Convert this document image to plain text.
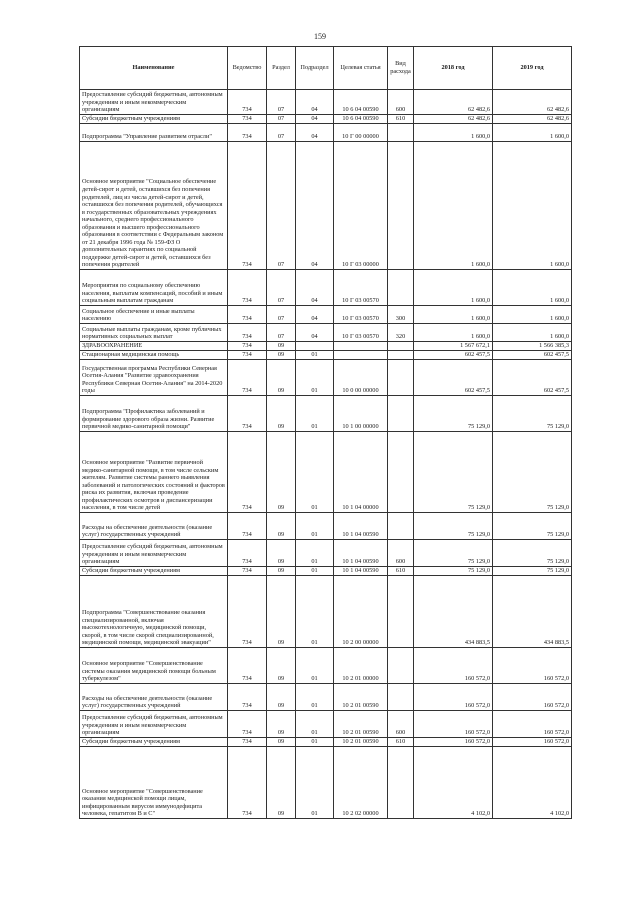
159
Наименование	Ведомство	Раздел	Подраздел	Целевая статья	Вид расхода	2018 год	2019 год

Предоставление субсидий бюджетным, автономным учреждениям и иным некоммерческим организациям	734	07	04	10 6 04 00590	600	62 482,6	62 482,6

Субсидии бюджетным учреждениям	734	07	04	10 6 04 00590	610	62 482,6	62 482,6

Подпрограмма "Управление развитием отрасли"	734	07	04	10 Г 00 00000		1 600,0	1 600,0

Основное мероприятие "Социальное обеспечение детей-сирот и детей, оставшихся без попечения родителей, лиц из числа детей-сирот и детей, оставшихся без попечения родителей, обучающихся в государственных образовательных учреждениях начального, среднего профессионального образования и высшего профессионального образования в соответствии с Федеральным законом от 21 декабря 1996 года № 159-ФЗ О дополнительных гарантиях по социальной поддержке детей-сирот и детей, оставшихся без попечения родителей	734	07	04	10 Г 03 00000		1 600,0	1 600,0

Мероприятия по социальному обеспечению населения, выплатам компенсаций, пособий и иным социальным выплатам гражданам	734	07	04	10 Г 03 00570		1 600,0	1 600,0

Социальное обеспечение и иные выплаты населению	734	07	04	10 Г 03 00570	300	1 600,0	1 600,0

Социальные выплаты гражданам, кроме публичных нормативных социальных выплат	734	07	04	10 Г 03 00570	320	1 600,0	1 600,0

ЗДРАВООХРАНЕНИЕ	734	09				1 567 672,1	1 566 385,3

Стационарная медицинская помощь	734	09	01			602 457,5	602 457,5

Государственная программа Республики Северная Осетия-Алания "Развитие здравоохранения Республики Северная Осетия-Алания" на 2014-2020 годы	734	09	01	10 0 00 00000		602 457,5	602 457,5

Подпрограмма "Профилактика заболеваний и формирование здорового образа жизни. Развитие первичной медико-санитарной помощи"	734	09	01	10 1 00 00000		75 129,0	75 129,0

Основное мероприятие "Развитие первичной медико-санитарной помощи, в том числе сельским жителям. Развитие системы раннего выявления заболеваний и патологических состояний и факторов риска их развития, включая проведение профилактических осмотров и диспансеризации населения, в том числе детей	734	09	01	10 1 04 00000		75 129,0	75 129,0

Расходы на обеспечение деятельности (оказание услуг) государственных учреждений	734	09	01	10 1 04 00590		75 129,0	75 129,0

Предоставление субсидий бюджетным, автономным учреждениям и иным некоммерческим организациям	734	09	01	10 1 04 00590	600	75 129,0	75 129,0

Субсидии бюджетным учреждениям	734	09	01	10 1 04 00590	610	75 129,0	75 129,0

Подпрограмма "Совершенствование оказания специализированной, включая высокотехнологичную, медицинской помощи, скорой, в том числе скорой специализированной, медицинской помощи, медицинской эвакуации"	734	09	01	10 2 00 00000		434 883,5	434 883,5

Основное мероприятие "Совершенствование системы оказания медицинской помощи больным туберкулезом"	734	09	01	10 2 01 00000		160 572,0	160 572,0

Расходы на обеспечение деятельности (оказание услуг) государственных учреждений	734	09	01	10 2 01 00590		160 572,0	160 572,0

Предоставление субсидий бюджетным, автономным учреждениям и иным некоммерческим организациям	734	09	01	10 2 01 00590	600	160 572,0	160 572,0

Субсидии бюджетным учреждениям	734	09	01	10 2 01 00590	610	160 572,0	160 572,0

Основное мероприятие "Совершенствование оказания медицинской помощи лицам, инфицированным вирусом иммунодефицита человека, гепатитом В и С"	734	09	01	10 2 02 00000		4 102,0	4 102,0
